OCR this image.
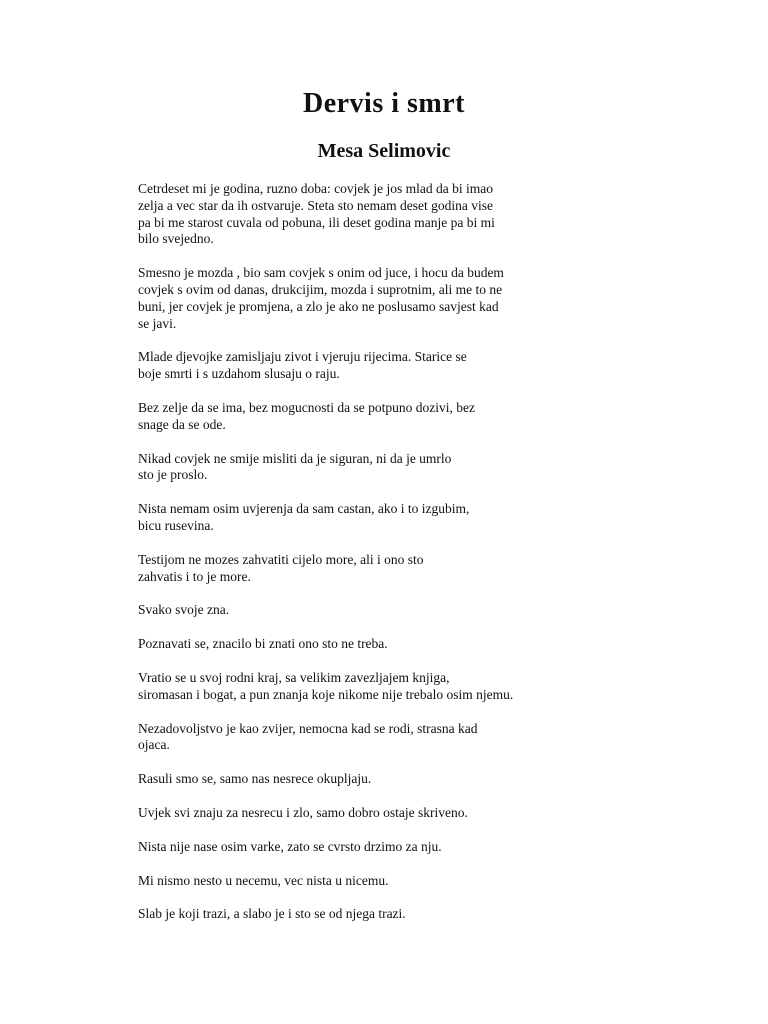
Dervis i smrt
Mesa Selimovic

Cetrdeset mi je godina, ruzno doba: covjek je jos mlad da bi imao
zelja a vec star da ih ostvaruje. Steta sto nemam deset godina vise
pa bi me starost cuvala od pobuna, ili deset godina manje pa bi mi
bilo svejedno.

Smesno je mozda , bio sam covjek s onim od juce, i hocu da budem
covjek s ovim od danas, drukcijim, mozda i suprotnim, ali me to ne
buni, jer covjek je promjena, a zlo je ako ne poslusamo savjest kad
se javi.

Mlade djevojke zamisljaju zivot i vjeruju rijecima. Starice se
boje smrti i s uzdahom slusaju o raju.

Bez zelje da se ima, bez mogucnosti da se potpuno dozivi, bez
snage da se ode.

Nikad covjek ne smije misliti da je siguran, ni da je umrlo
sto je proslo.

Nista nemam osim uvjerenja da sam castan, ako i to izgubim,
bicu rusevina.

Testijom ne mozes zahvatiti cijelo more, ali i ono sto
zahvatis i to je more.

Svako svoje zna.

Poznavati se, znacilo bi znati ono sto ne treba.

Vratio se u svoj rodni kraj, sa velikim zavezljajem knjiga,
siromasan i bogat, a pun znanja koje nikome nije trebalo osim njemu.

Nezadovoljstvo je kao zvijer, nemocna kad se rodi, strasna kad
ojaca.

Rasuli smo se, samo nas nesrece okupljaju.

Uvjek svi znaju za nesrecu i zlo, samo dobro ostaje skriveno.

Nista nije nase osim varke, zato se cvrsto drzimo za nju.

Mi nismo nesto u necemu, vec nista u nicemu.

Slab je koji trazi, a slabo je i sto se od njega trazi.
